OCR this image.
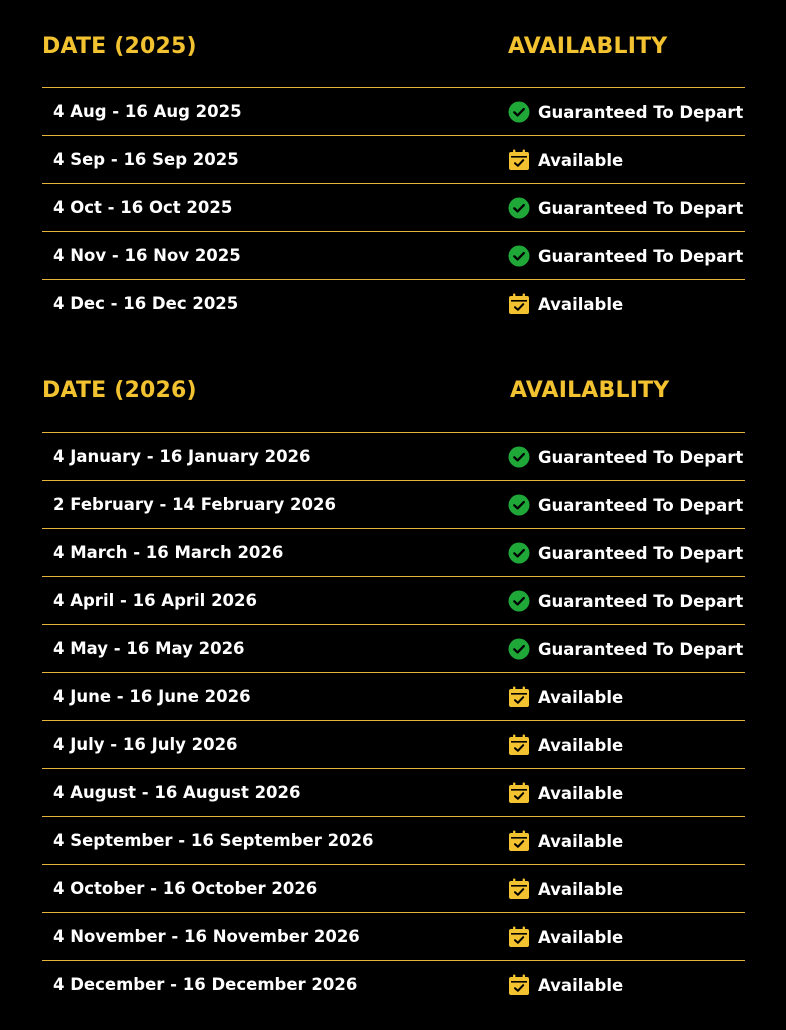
DATE (2025)	AVAILABLITY
4 Aug - 16 Aug 2025	Guaranteed To Depart
4 Sep - 16 Sep 2025	Available
4 Oct - 16 Oct 2025	Guaranteed To Depart
4 Nov - 16 Nov 2025	Guaranteed To Depart
4 Dec - 16 Dec 2025	Available
DATE (2026)	AVAILABLITY
4 January - 16 January 2026	Guaranteed To Depart
2 February - 14 February 2026	Guaranteed To Depart
4 March - 16 March 2026	Guaranteed To Depart
4 April - 16 April 2026	Guaranteed To Depart
4 May - 16 May 2026	Guaranteed To Depart
4 June - 16 June 2026	Available
4 July - 16 July 2026	Available
4 August - 16 August 2026	Available
4 September - 16 September 2026	Available
4 October - 16 October 2026	Available
4 November - 16 November 2026	Available
4 December - 16 December 2026	Available
